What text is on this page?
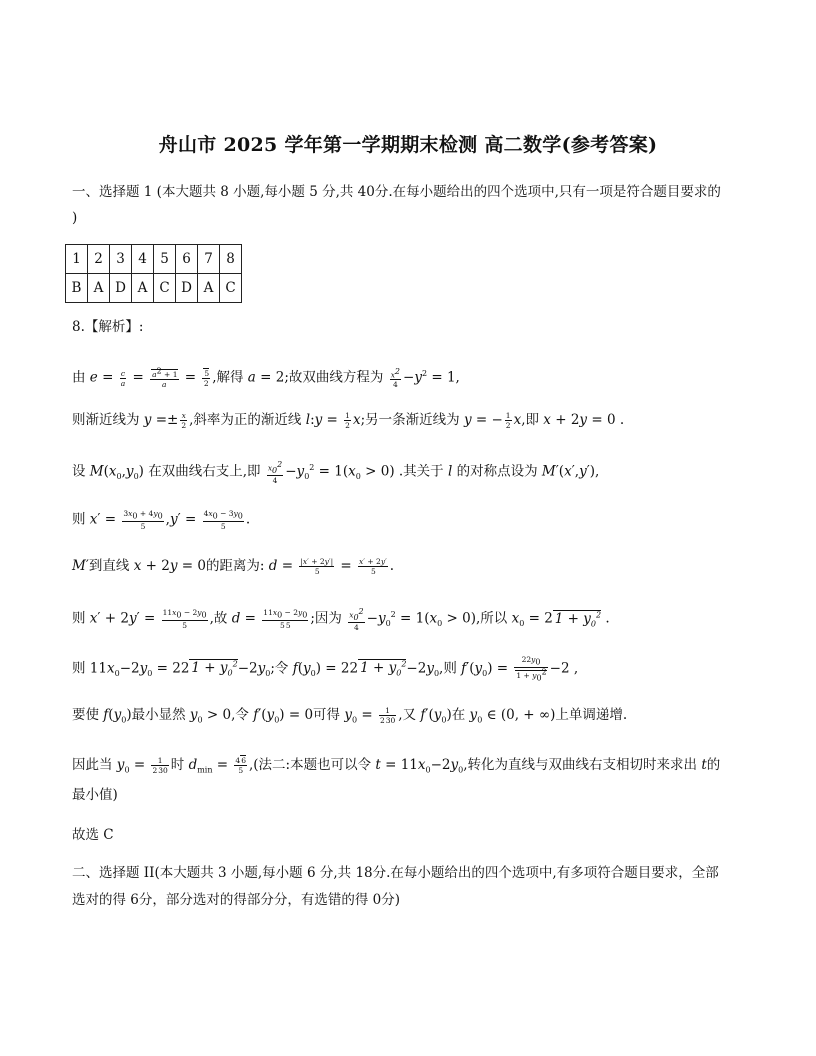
舟山市 2025 学年第一学期期末检测 高二数学(参考答案)
一、选择题 1 (本大题共 8 小题,每小题 5 分,共 40分.在每小题给出的四个选项中,只有一项是符合题目要求的
)
1	2	3	4	5	6	7	8
B	A	D	A	C	D	A	C
8.【解析】:
由 $e = \frac{c}{a} = \frac{a^2 + 1}{a} = \frac{5}{2}$ ,解得 a = 2;故双曲线方程为 $\frac{x^2}{4} -y^2 = 1$,
则渐近线为 $y =\pm \frac{x}{2}$ ,斜率为正的渐近线 l:y = $\frac{1}{2} x$;另一条渐近线为 y = − $\frac{1}{2} x$,即 x + 2y = 0 .
设 $M(x_0,y_0)$ 在双曲线右支上,即 $\frac{x_0^2}{4} -y_0^2 = 1(x_0 > 0)$ .其关于 l 的对称点设为 M′(x′,y′),
则 $x' = \frac{3x_0 + 4y_0}{5} ,y' = \frac{4x_0 - 3y_0}{5}$ .
M′到直线 x + 2y = 0的距离为: $d = \frac{|x' + 2y'|}{5} = \frac{x' + 2y'}{5}$ .
则 $x' + 2y' = \frac{11x_0 - 2y_0}{5}$ ,故 $d = \frac{11x_0 - 2y_0}{55}$ ;因为 $\frac{x_0^2}{4} -y_0^2 = 1(x_0 > 0)$,所以 $x_0 = 2$ $1 + y_0^2$ .
则 $11x_0-2y_0 = 22$ $1 + y_0^2-2y_0$;令 $f(y_0) = 22$ $1 + y_0^2-2y_0$,则 $f'(y_0) = \frac{22y_0}{1 + y_0^2} -2$ ,
要使 $f(y_0)$最小显然 $y_0 > 0$,令 $f'(y_0) = 0$可得 $y_0 = \frac{1}{230}$ ,又 $f'(y_0)$在 $y_0$ ∈ (0, + ∞)上单调递增.
因此当 $y_0 = \frac{1}{230}$ 时 $d_{min} = \frac{46}{5}$ ,(法二:本题也可以令 $t = 11x_0-2y_0$,转化为直线与双曲线右支相切时来求出 t的
最小值)
故选 C
二、选择题 II(本大题共 3 小题,每小题 6 分,共 18分.在每小题给出的四个选项中,有多项符合题目要求，全部
选对的得 6分，部分选对的得部分分，有选错的得 0分)
